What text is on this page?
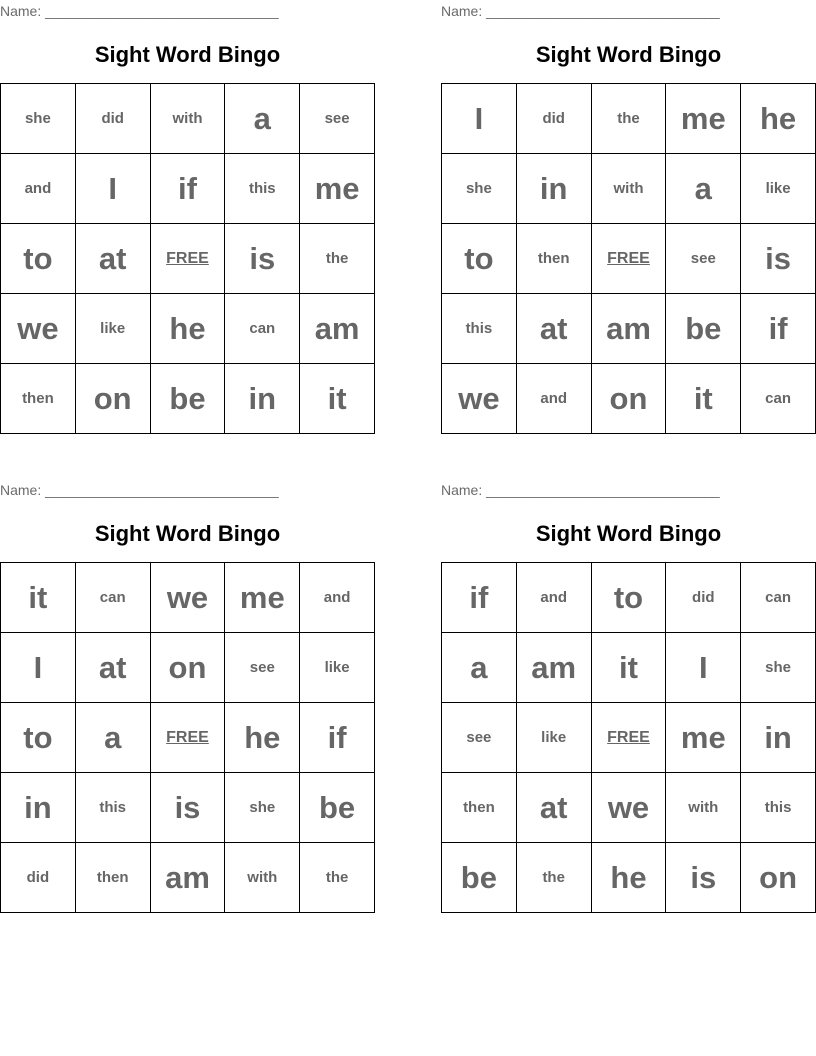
Name: ______________________________
Sight Word Bingo
she	did	with	a	see
and	I	if	this	me
to	at	FREE	is	the
we	like	he	can	am
then	on	be	in	it
Name: ______________________________
Sight Word Bingo
I	did	the	me	he
she	in	with	a	like
to	then	FREE	see	is
this	at	am	be	if
we	and	on	it	can
Name: ______________________________
Sight Word Bingo
it	can	we	me	and
I	at	on	see	like
to	a	FREE	he	if
in	this	is	she	be
did	then	am	with	the
Name: ______________________________
Sight Word Bingo
if	and	to	did	can
a	am	it	I	she
see	like	FREE	me	in
then	at	we	with	this
be	the	he	is	on
